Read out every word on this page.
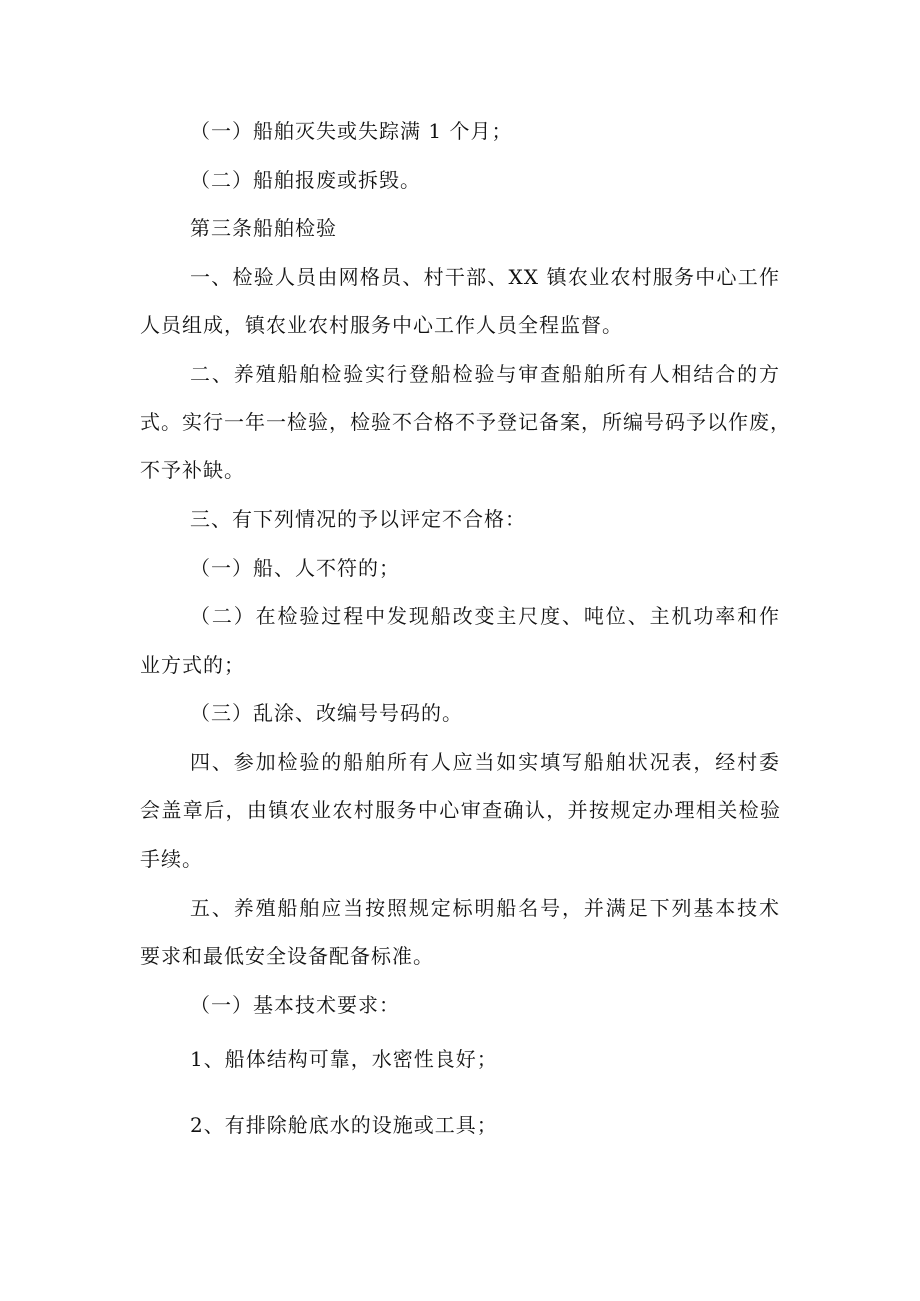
（一）船舶灭失或失踪满 1 个月；
（二）船舶报废或拆毁。
第三条船舶检验
一、检验人员由网格员、村干部、XX 镇农业农村服务中心工作
人员组成，镇农业农村服务中心工作人员全程监督。
二、养殖船舶检验实行登船检验与审查船舶所有人相结合的方
式。实行一年一检验，检验不合格不予登记备案，所编号码予以作废，
不予补缺。
三、有下列情况的予以评定不合格：
（一）船、人不符的；
（二）在检验过程中发现船改变主尺度、吨位、主机功率和作
业方式的；
（三）乱涂、改编号号码的。
四、参加检验的船舶所有人应当如实填写船舶状况表，经村委
会盖章后，由镇农业农村服务中心审查确认，并按规定办理相关检验
手续。
五、养殖船舶应当按照规定标明船名号，并满足下列基本技术
要求和最低安全设备配备标准。
（一）基本技术要求：
1、船体结构可靠，水密性良好；
2、有排除舱底水的设施或工具；
